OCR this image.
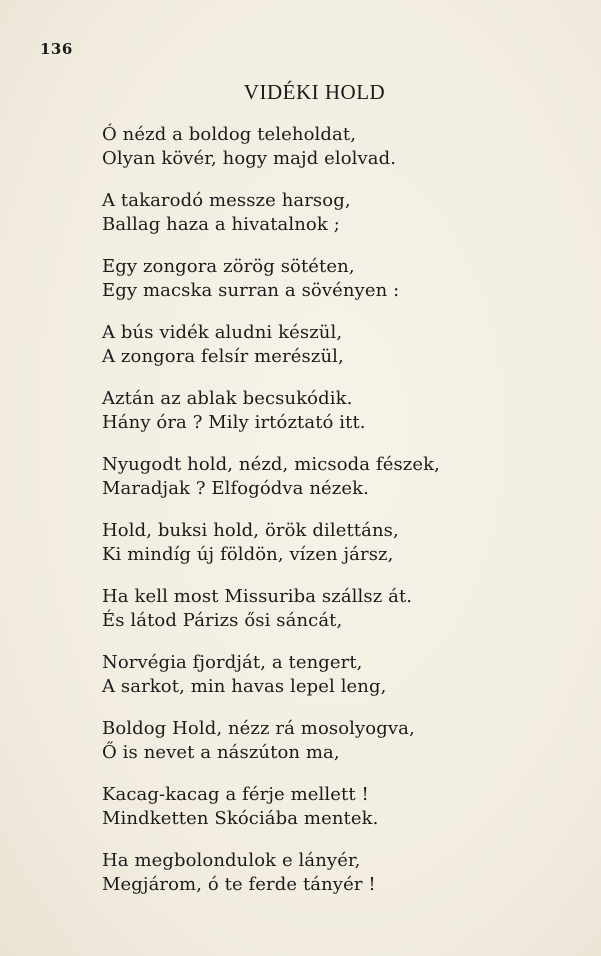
136
VIDÉKI HOLD
Ó nézd a boldog teleholdat,
Olyan kövér, hogy majd elolvad.
A takarodó messze harsog,
Ballag haza a hivatalnok ;
Egy zongora zörög sötéten,
Egy macska surran a sövényen :
A bús vidék aludni készül,
A zongora felsír merészül,
Aztán az ablak becsukódik.
Hány óra ? Mily irtóztató itt.
Nyugodt hold, nézd, micsoda fészek,
Maradjak ? Elfogódva nézek.
Hold, buksi hold, örök dilettáns,
Ki mindíg új földön, vízen jársz,
Ha kell most Missuriba szállsz át.
És látod Párizs ősi sáncát,
Norvégia fjordját, a tengert,
A sarkot, min havas lepel leng,
Boldog Hold, nézz rá mosolyogva,
Ő is nevet a nászúton ma,
Kacag-kacag a férje mellett !
Mindketten Skóciába mentek.
Ha megbolondulok e lányér,
Megjárom, ó te ferde tányér !
